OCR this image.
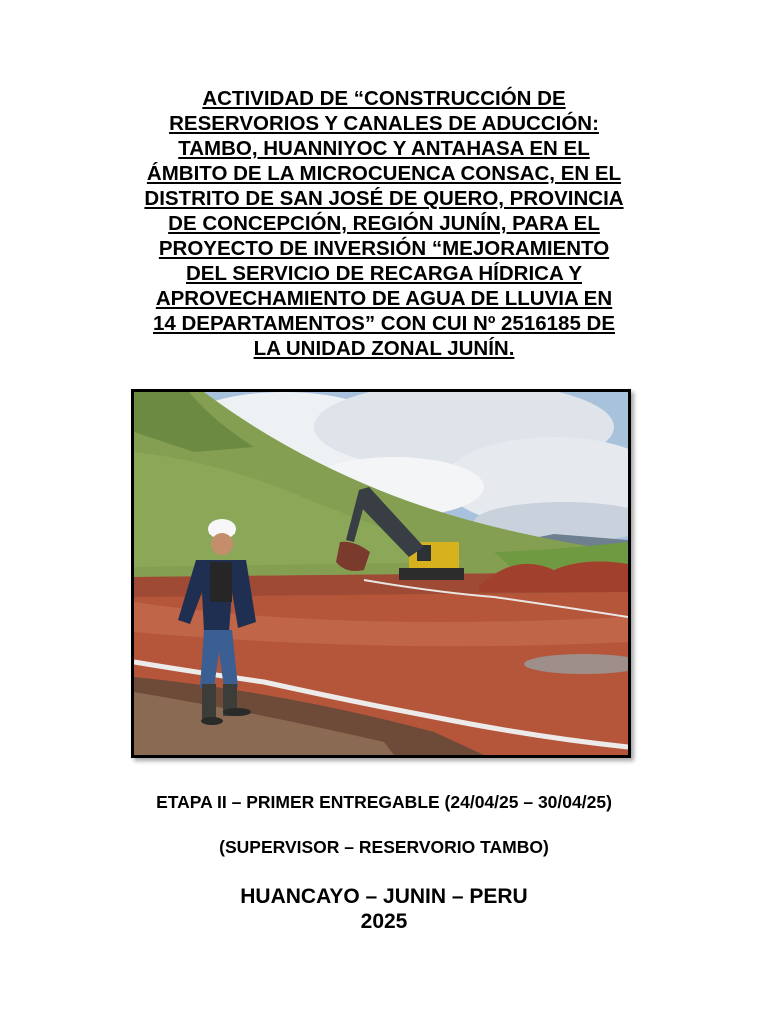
ACTIVIDAD DE “CONSTRUCCIÓN DE
RESERVORIOS Y CANALES DE ADUCCIÓN:
TAMBO, HUANNIYOC Y ANTAHASA EN EL
ÁMBITO DE LA MICROCUENCA CONSAC, EN EL
DISTRITO DE SAN JOSÉ DE QUERO, PROVINCIA
DE CONCEPCIÓN, REGIÓN JUNÍN, PARA EL
PROYECTO DE INVERSIÓN “MEJORAMIENTO
DEL SERVICIO DE RECARGA HÍDRICA Y
APROVECHAMIENTO DE AGUA DE LLUVIA EN
14 DEPARTAMENTOS” CON CUI Nº 2516185 DE
LA UNIDAD ZONAL JUNÍN.
ETAPA II – PRIMER ENTREGABLE (24/04/25 – 30/04/25)
(SUPERVISOR – RESERVORIO TAMBO)
HUANCAYO – JUNIN – PERU
2025
